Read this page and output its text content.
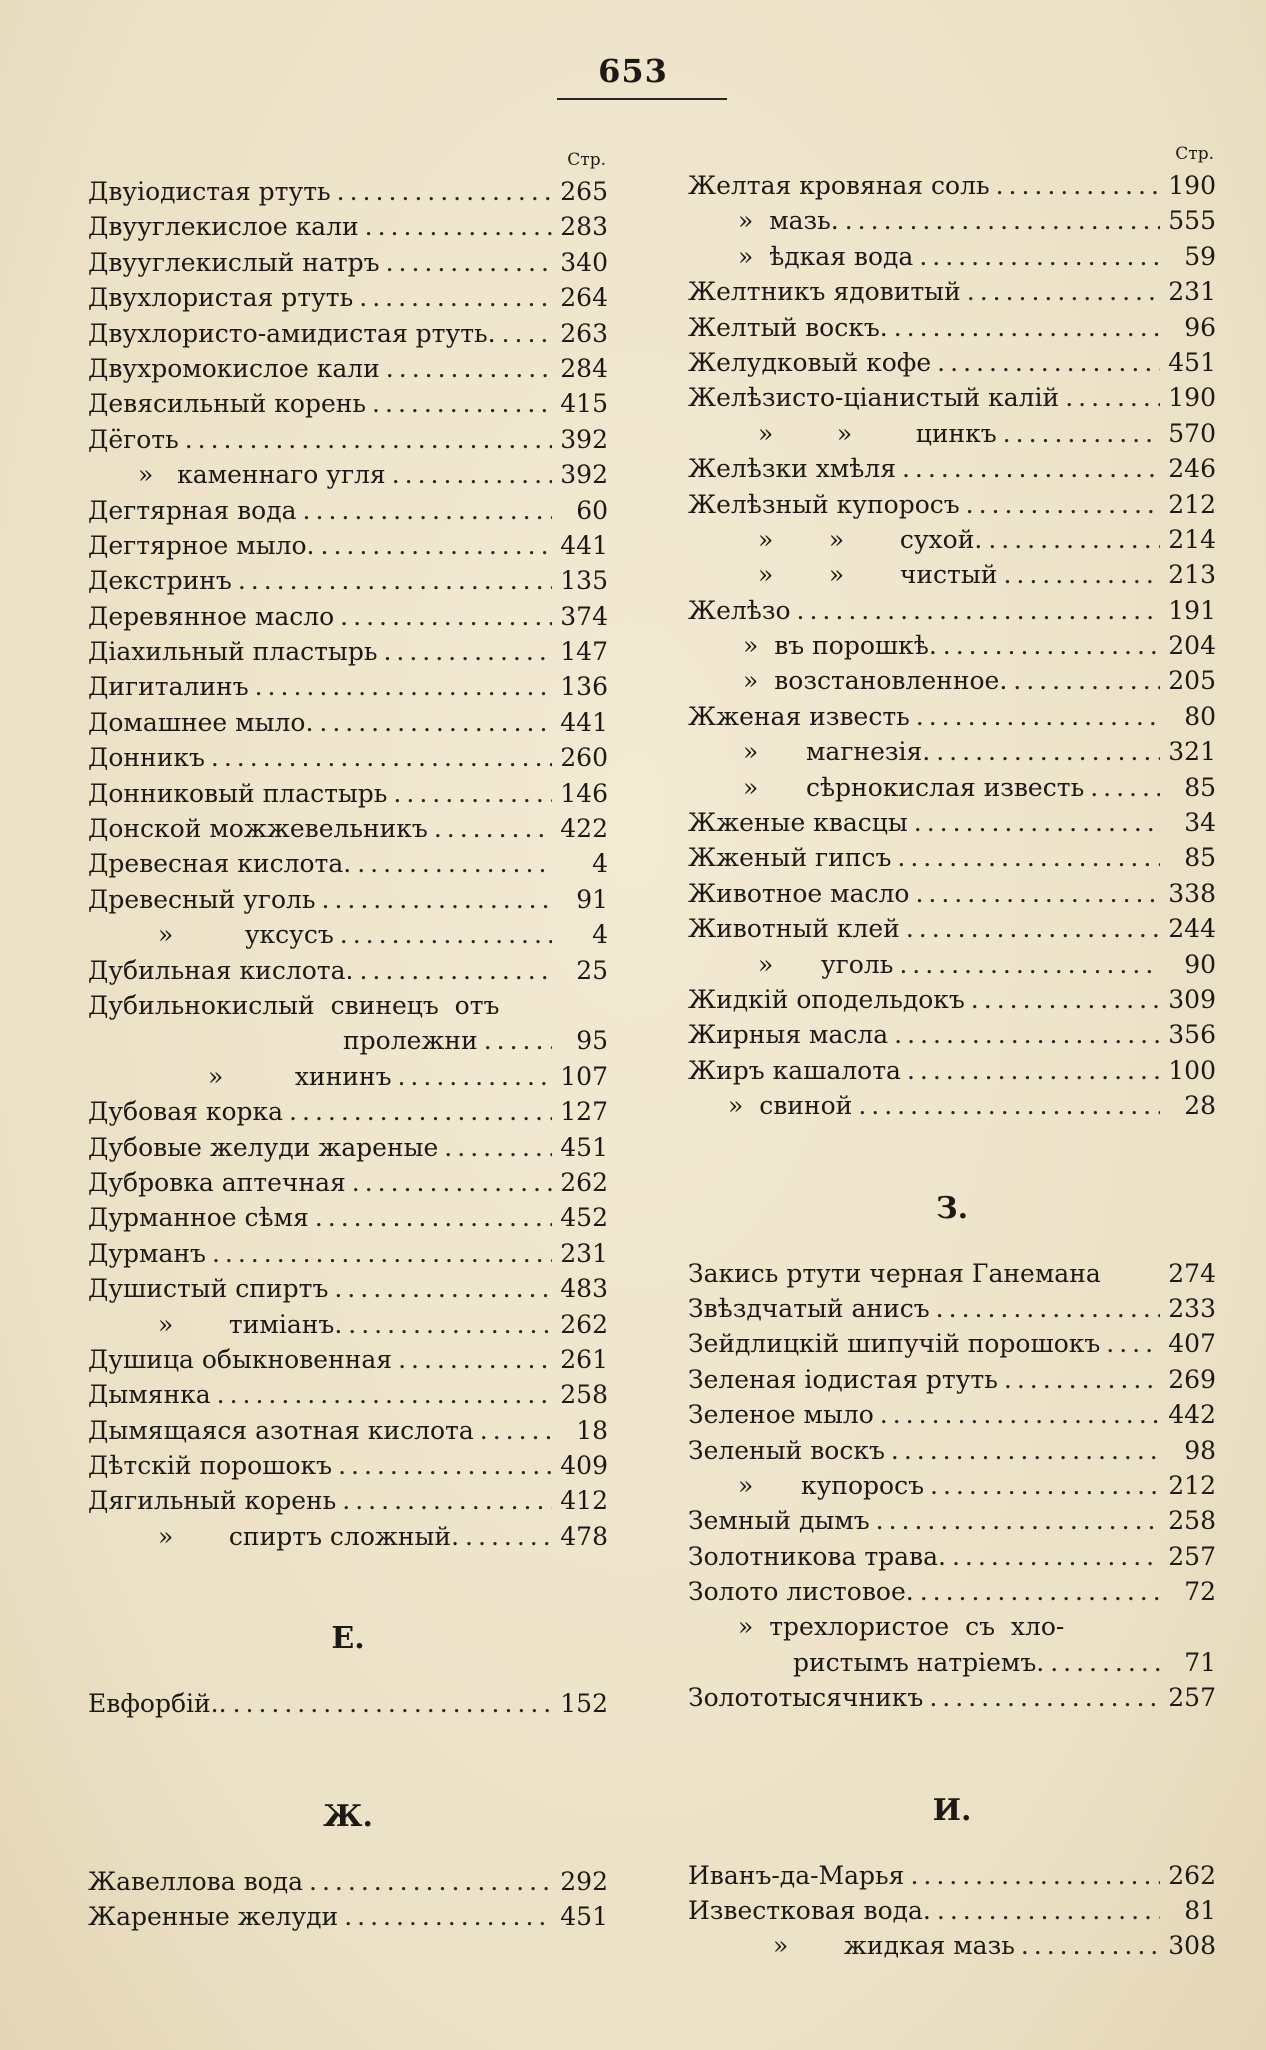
653
Стр.
Двуіодистая ртуть .....	265
Двууглекислое кали .....	283
Двууглекислый натръ .....	340
Двухлористая ртуть .....	264
Двухлористо-амидистая ртуть. .....	263
Двухромокислое кали .....	284
Девясильный корень .....	415
Дёготь .....	392
»   каменнаго угля .....	392
Дегтярная вода .....	60
Дегтярное мыло. .....	441
Декстринъ .....	135
Деревянное масло .....	374
Діахильный пластырь .....	147
Дигиталинъ .....	136
Домашнее мыло. .....	441
Донникъ .....	260
Донниковый пластырь .....	146
Донской можжевельникъ .....	422
Древесная кислота. .....	4
Древесный уголь .....	91
»         уксусъ .....	4
Дубильная кислота. .....	25
Дубильнокислый  свинецъ  отъ
пролежни .....	95
»         хининъ .....	107
Дубовая корка .....	127
Дубовые желуди жареные .....	451
Дубровка аптечная .....	262
Дурманное сѣмя .....	452
Дурманъ .....	231
Душистый спиртъ .....	483
»       тиміанъ. .....	262
Душица обыкновенная .....	261
Дымянка .....	258
Дымящаяся азотная кислота .....	18
Дѣтскій порошокъ .....	409
Дягильный корень .....	412
»       спиртъ сложный. .....	478
Е.
Евфорбій.. .....	152
Ж.
Жавеллова вода .....	292
Жаренные желуди .....	451
Стр.
Желтая кровяная соль .....	190
»  мазь. .....	555
»  ѣдкая вода .....	59
Желтникъ ядовитый .....	231
Желтый воскъ. .....	96
Желудковый кофе .....	451
Желѣзисто-ціанистый калій .....	190
»        »        цинкъ .....	570
Желѣзки хмѣля .....	246
Желѣзный купоросъ .....	212
»       »       сухой. .....	214
»       »       чистый .....	213
Желѣзо .....	191
»  въ порошкѣ. .....	204
»  возстановленное. .....	205
Жженая известь .....	80
»      магнезія. .....	321
»      сѣрнокислая известь .....	85
Жженые квасцы .....	34
Жженый гипсъ .....	85
Животное масло .....	338
Животный клей .....	244
»      уголь .....	90
Жидкій оподельдокъ .....	309
Жирныя масла .....	356
Жиръ кашалота .....	100
»  свиной .....	28
З.
Закись ртути черная Ганемана	274
Звѣздчатый анисъ .....	233
Зейдлицкій шипучій порошокъ .....	407
Зеленая іодистая ртуть .....	269
Зеленое мыло .....	442
Зеленый воскъ .....	98
»      купоросъ .....	212
Земный дымъ .....	258
Золотникова трава. .....	257
Золото листовое. .....	72
»  трехлористое  съ  хло-
ристымъ натріемъ. .....	71
Золототысячникъ .....	257
И.
Иванъ-да-Марья .....	262
Известковая вода. .....	81
»       жидкая мазь .....	308
